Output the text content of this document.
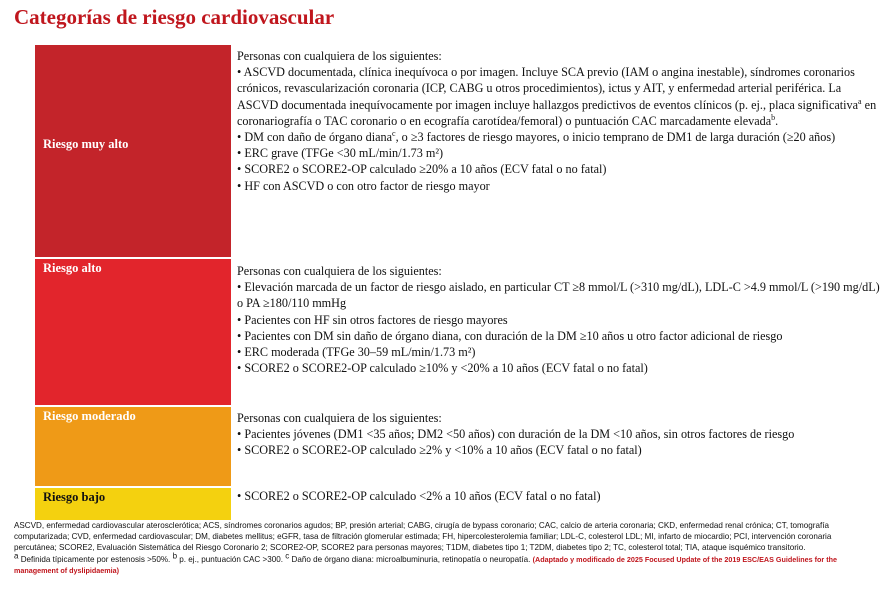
Categorías de riesgo cardiovascular
Riesgo muy alto
Personas con cualquiera de los siguientes:
• ASCVD documentada, clínica inequívoca o por imagen. Incluye SCA previo (IAM o angina inestable), síndromes coronarios crónicos, revascularización coronaria (ICP, CABG u otros procedimientos), ictus y AIT, y enfermedad arterial periférica. La ASCVD documentada inequívocamente por imagen incluye hallazgos predictivos de eventos clínicos (p. ej., placa significativa$^a$ en coronariografía o TAC coronario o en ecografía carotídea/femoral) o puntuación CAC marcadamente elevada$^b$.
• DM con daño de órgano diana$^c$, o ≥3 factores de riesgo mayores, o inicio temprano de DM1 de larga duración (≥20 años)
• ERC grave (TFGe <30 mL/min/1.73 m²)
• SCORE2 o SCORE2-OP calculado ≥20% a 10 años (ECV fatal o no fatal)
• HF con ASCVD o con otro factor de riesgo mayor
Riesgo alto	Personas con cualquiera de los siguientes:
• Elevación marcada de un factor de riesgo aislado, en particular CT ≥8 mmol/L (>310 mg/dL), LDL-C >4.9 mmol/L (>190 mg/dL) o PA ≥180/110 mmHg
• Pacientes con HF sin otros factores de riesgo mayores
• Pacientes con DM sin daño de órgano diana, con duración de la DM ≥10 años u otro factor adicional de riesgo
• ERC moderada (TFGe 30–59 mL/min/1.73 m²)
• SCORE2 o SCORE2-OP calculado ≥10% y <20% a 10 años (ECV fatal o no fatal)
Riesgo moderado	Personas con cualquiera de los siguientes:
• Pacientes jóvenes (DM1 <35 años; DM2 <50 años) con duración de la DM <10 años, sin otros factores de riesgo
• SCORE2 o SCORE2-OP calculado ≥2% y <10% a 10 años (ECV fatal o no fatal)
Riesgo bajo
•	SCORE2 o SCORE2-OP calculado <2% a 10 años (ECV fatal o no fatal)
ASCVD, enfermedad cardiovascular aterosclerótica; ACS, síndromes coronarios agudos; BP, presión arterial; CABG, cirugía de bypass coronario; CAC, calcio de arteria coronaria; CKD, enfermedad renal crónica; CT, tomografía computarizada; CVD, enfermedad cardiovascular; DM, diabetes mellitus; eGFR, tasa de filtración glomerular estimada; FH, hipercolesterolemia familiar; LDL-C, colesterol LDL; MI, infarto de miocardio; PCI, intervención coronaria percutánea; SCORE2, Evaluación Sistemática del Riesgo Coronario 2; SCORE2-OP, SCORE2 para personas mayores; T1DM, diabetes tipo 1; T2DM, diabetes tipo 2; TC, colesterol total; TIA, ataque isquémico transitorio.
$^a$ Definida típicamente por estenosis >50%. $^b$ p. ej., puntuación CAC >300. $^c$ Daño de órgano diana: microalbuminuria, retinopatía o neuropatía. (Adaptado y modificado de 2025 Focused Update of the 2019 ESC/EAS Guidelines for the management of dyslipidaemia)
